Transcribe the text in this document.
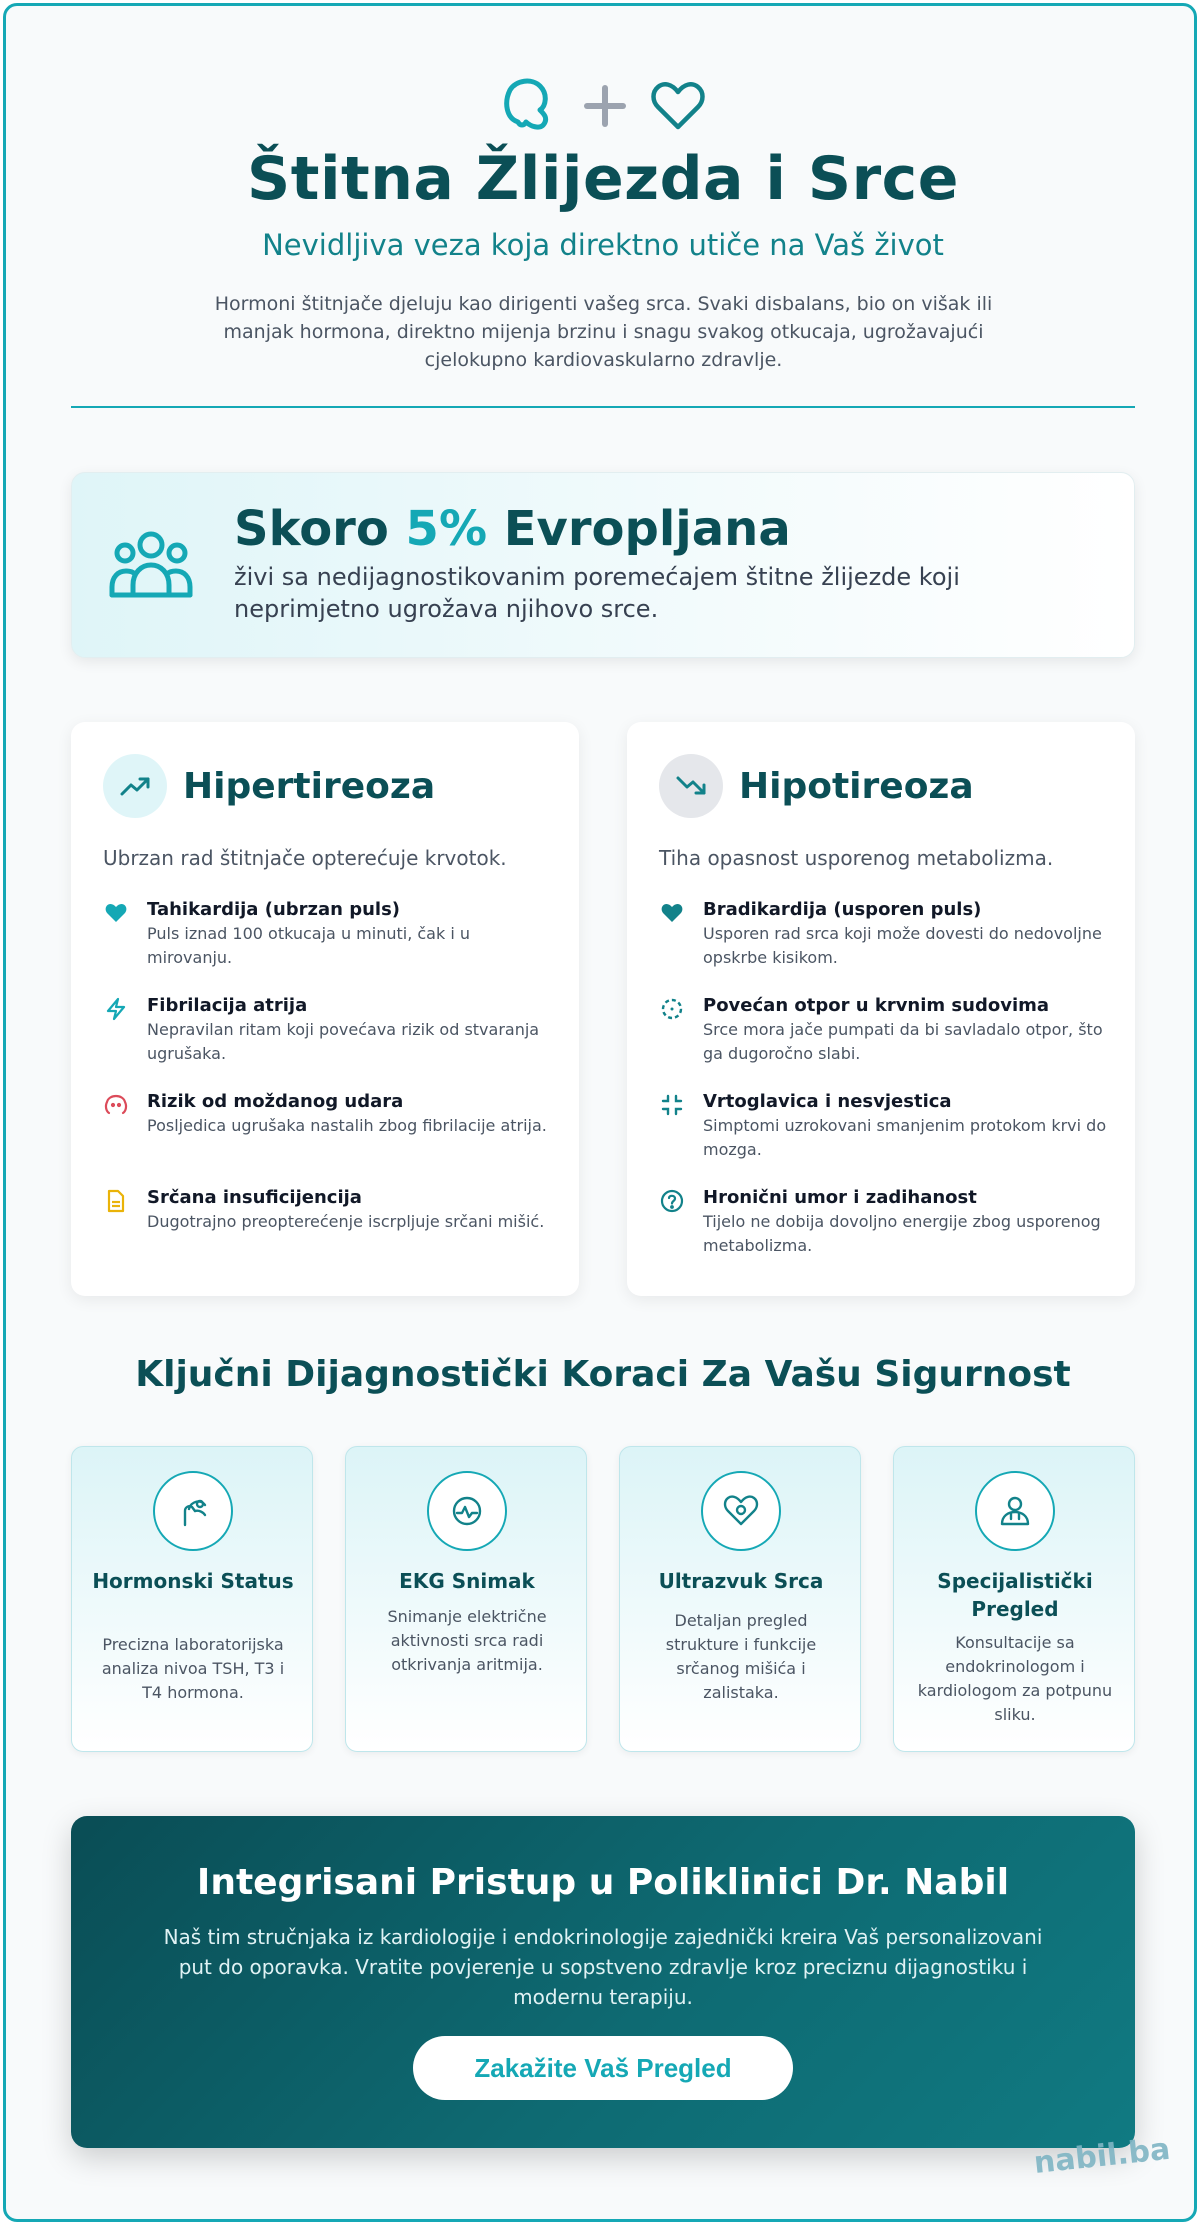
Štitna Žlijezda i Srce
Nevidljiva veza koja direktno utiče na Vaš život

Hormoni štitnjače djeluju kao dirigenti vašeg srca. Svaki disbalans, bio on višak ili manjak hormona, direktno mijenja brzinu i snagu svakog otkucaja, ugrožavajući cjelokupno kardiovaskularno zdravlje.

Skoro 5% Evropljana

živi sa nedijagnostikovanim poremećajem štitne žlijezde koji neprimjetno ugrožava njihovo srce.

Hipertireoza

Ubrzan rad štitnjače opterećuje krvotok.

Tahikardija (ubrzan puls)
Puls iznad 100 otkucaja u minuti, čak i u mirovanju.
Fibrilacija atrija
Nepravilan ritam koji povećava rizik od stvaranja ugrušaka.
Rizik od moždanog udara
Posljedica ugrušaka nastalih zbog fibrilacije atrija.
Srčana insuficijencija
Dugotrajno preopterećenje iscrpljuje srčani mišić.
Hipotireoza

Tiha opasnost usporenog metabolizma.

Bradikardija (usporen puls)
Usporen rad srca koji može dovesti do nedovoljne opskrbe kisikom.
Povećan otpor u krvnim sudovima
Srce mora jače pumpati da bi savladalo otpor, što ga dugoročno slabi.
Vrtoglavica i nesvjestica
Simptomi uzrokovani smanjenim protokom krvi do mozga.
Hronični umor i zadihanost
Tijelo ne dobija dovoljno energije zbog usporenog metabolizma.
Ključni Dijagnostički Koraci Za Vašu Sigurnost
Hormonski Status
Precizna laboratorijska analiza nivoa TSH, T3 i T4 hormona.
EKG Snimak
Snimanje električne aktivnosti srca radi otkrivanja aritmija.
Ultrazvuk Srca
Detaljan pregled strukture i funkcije srčanog mišića i zalistaka.
Specijalistički Pregled
Konsultacije sa endokrinologom i kardiologom za potpunu sliku.
Integrisani Pristup u Poliklinici Dr. Nabil

Naš tim stručnjaka iz kardiologije i endokrinologije zajednički kreira Vaš personalizovani put do oporavka. Vratite povjerenje u sopstveno zdravlje kroz preciznu dijagnostiku i modernu terapiju.

Zakažite Vaš Pregled
nabil.ba
